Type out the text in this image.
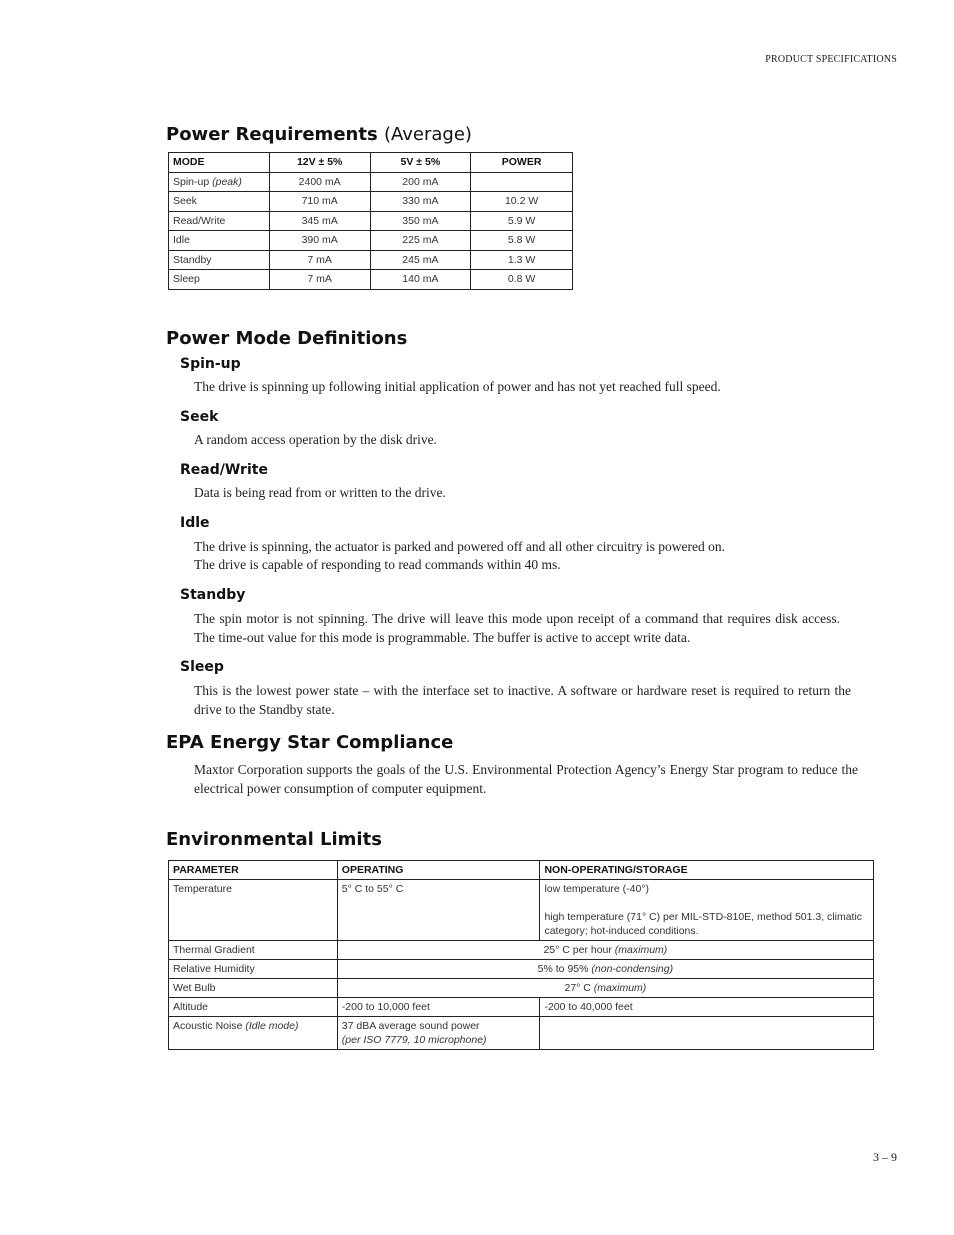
PRODUCT SPECIFICATIONS
Power Requirements (Average)
MODE	12V ± 5%	5V ± 5%	POWER
Spin-up (peak)	2400 mA	200 mA	
Seek	710 mA	330 mA	10.2 W
Read/Write	345 mA	350 mA	5.9 W
Idle	390 mA	225 mA	5.8 W
Standby	7 mA	245 mA	1.3 W
Sleep	7 mA	140 mA	0.8 W
Power Mode Definitions
Spin-up

The drive is spinning up following initial application of power and has not yet reached full speed.

Seek

A random access operation by the disk drive.

Read/Write

Data is being read from or written to the drive.

Idle

The drive is spinning, the actuator is parked and powered off and all other circuitry is powered on.

The drive is capable of responding to read commands within 40 ms.

Standby

The spin motor is not spinning. The drive will leave this mode upon receipt of a command that requires disk access. The time-out value for this mode is programmable. The buffer is active to accept write data.

Sleep

This is the lowest power state – with the interface set to inactive. A software or hardware reset is required to return the drive to the Standby state.

EPA Energy Star Compliance

Maxtor Corporation supports the goals of the U.S. Environmental Protection Agency’s Energy Star program to reduce the electrical power consumption of computer equipment.

Environmental Limits
PARAMETER	OPERATING	NON-OPERATING/STORAGE
Temperature	5° C to 55° C	low temperature (-40°)
high temperature (71° C) per MIL-STD-810E, method 501.3, climatic category; hot-induced conditions.

Thermal Gradient	25° C per hour (maximum)	
Relative Humidity	5% to 95% (non-condensing)	
Wet Bulb	27° C (maximum)	
Altitude	-200 to 10,000 feet	-200 to 40,000 feet
Acoustic Noise (Idle mode)	37 dBA average sound power
(per ISO 7779, 10 microphone)	

3 – 9
